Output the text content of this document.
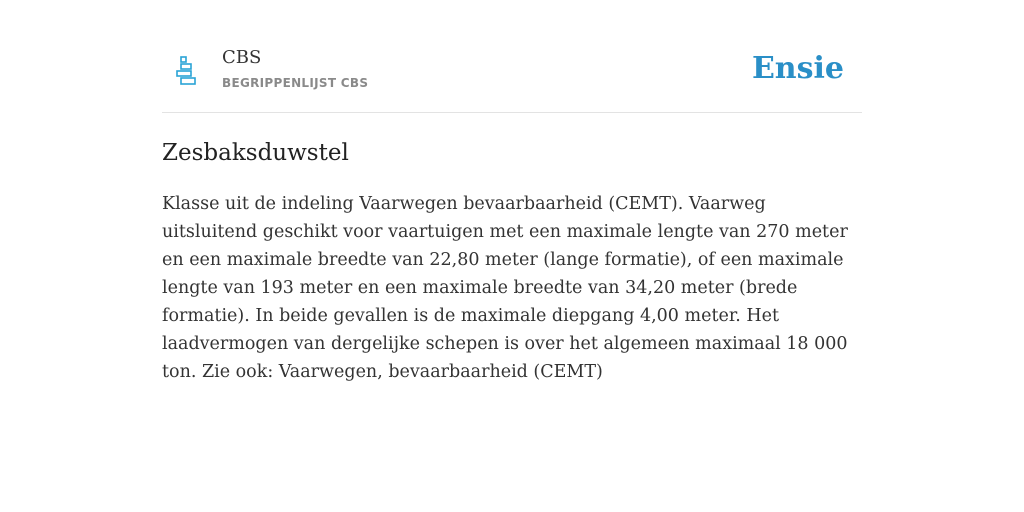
CBS
BEGRIPPENLIJST CBS	Ensie
Zesbaksduwstel

Klasse uit de indeling Vaarwegen bevaarbaarheid (CEMT). Vaarweg uitsluitend geschikt voor vaartuigen met een maximale lengte van 270 meter en een maximale breedte van 22,80 meter (lange formatie), of een maximale lengte van 193 meter en een maximale breedte van 34,20 meter (brede formatie). In beide gevallen is de maximale diepgang 4,00 meter. Het laadvermogen van dergelijke schepen is over het algemeen maximaal 18 000 ton. Zie ook: Vaarwegen, bevaarbaarheid (CEMT)
